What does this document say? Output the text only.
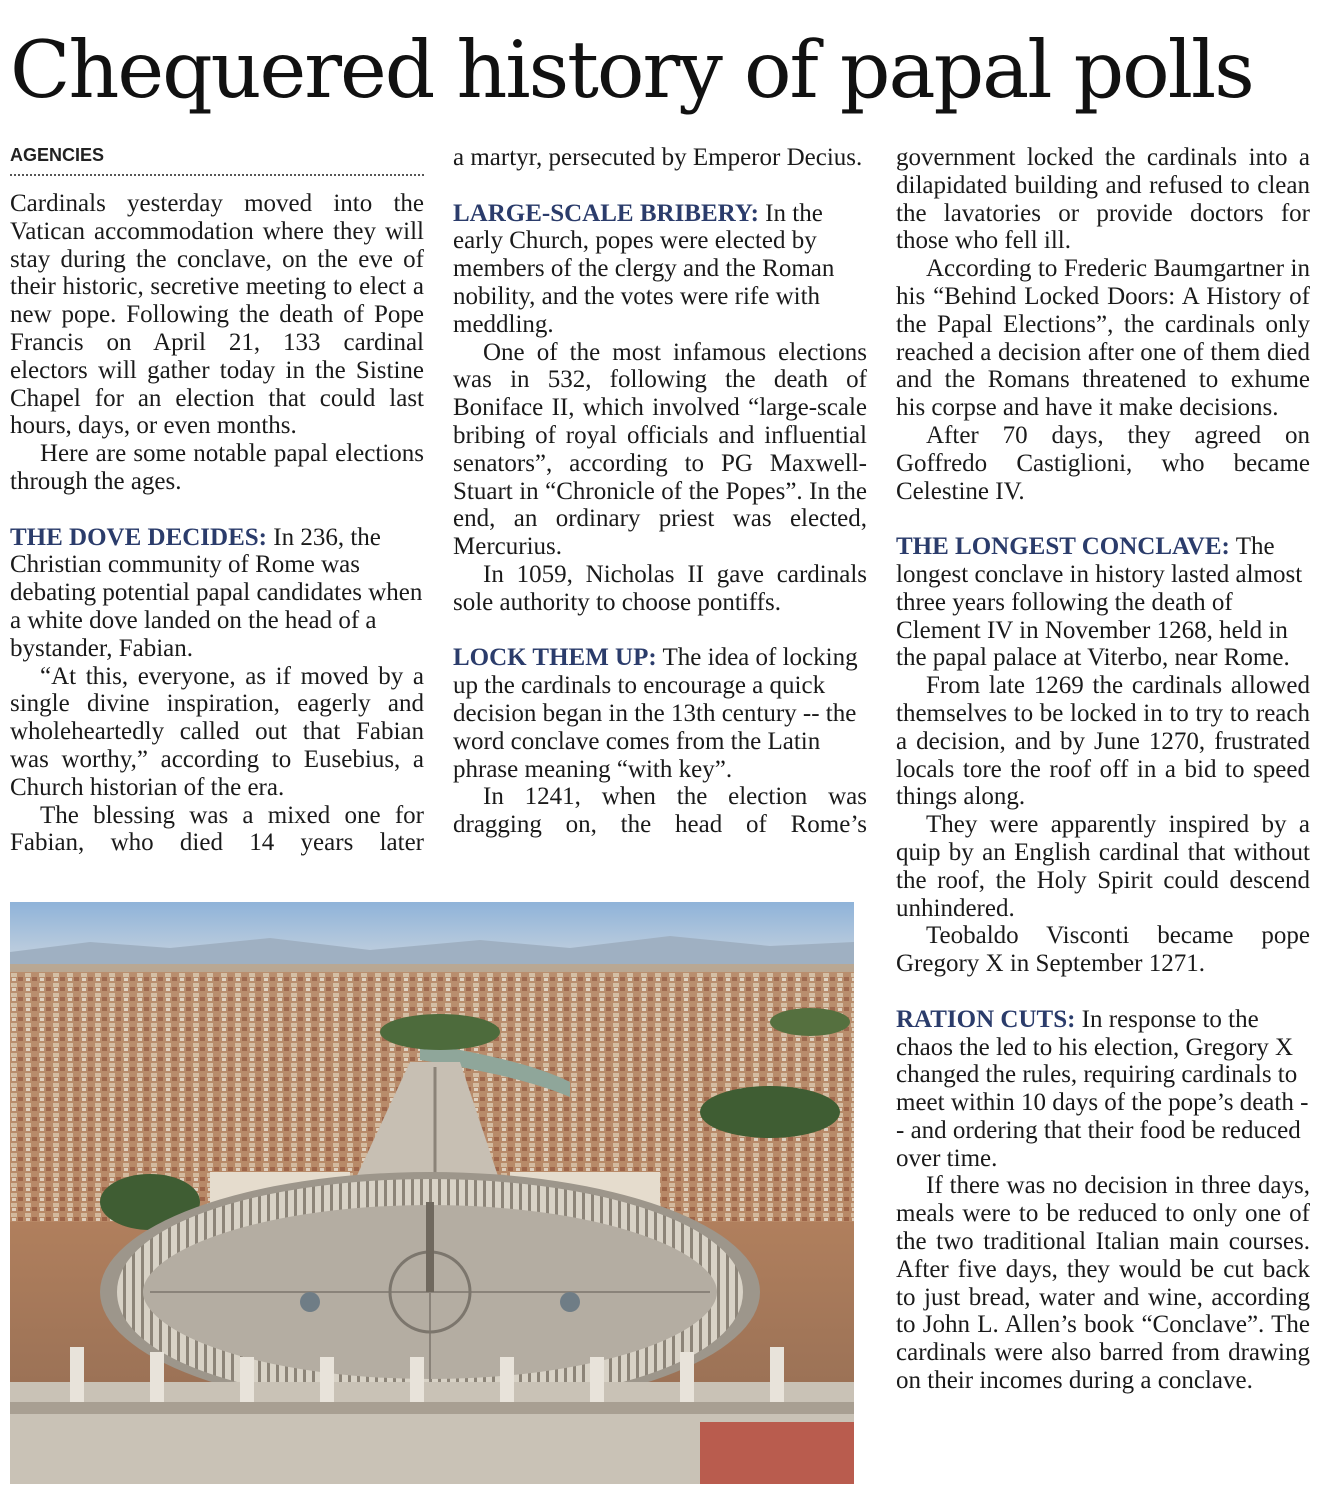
Chequered history of papal polls
AGENCIES

Cardinals yesterday moved into the Vatican accommodation where they will stay during the conclave, on the eve of their historic, secretive meeting to elect a new pope. Following the death of Pope Francis on April 21, 133 cardinal electors will gather today in the Sistine Chapel for an election that could last hours, days, or even months.

Here are some notable papal elections through the ages.

THE DOVE DECIDES: In 236, the Christian community of Rome was debating potential papal candidates when a white dove landed on the head of a bystander, Fabian.

“At this, everyone, as if moved by a single divine inspiration, eagerly and wholeheartedly called out that Fabian was worthy,” according to Eusebius, a Church historian of the era.

The blessing was a mixed one for Fabian, who died 14 years later

a martyr, persecuted by Emperor Decius.

LARGE-SCALE BRIBERY: In the early Church, popes were elected by members of the clergy and the Roman nobility, and the votes were rife with meddling.

One of the most infamous elections was in 532, following the death of Boniface II, which involved “large-scale bribing of royal officials and influential senators”, according to PG Maxwell-Stuart in “Chronicle of the Popes”. In the end, an ordinary priest was elected, Mercurius.

In 1059, Nicholas II gave cardinals sole authority to choose pontiffs.

LOCK THEM UP: The idea of locking up the cardinals to encourage a quick decision began in the 13th century -- the word conclave comes from the Latin phrase meaning “with key”.

In 1241, when the election was dragging on, the head of Rome’s

government locked the cardinals into a dilapidated building and refused to clean the lavatories or provide doctors for those who fell ill.

According to Frederic Baumgartner in his “Behind Locked Doors: A History of the Papal Elections”, the cardinals only reached a decision after one of them died and the Romans threatened to exhume his corpse and have it make decisions.

After 70 days, they agreed on Goffredo Castiglioni, who became Celestine IV.

THE LONGEST CONCLAVE: The longest conclave in history lasted almost three years following the death of Clement IV in November 1268, held in the papal palace at Viterbo, near Rome.

From late 1269 the cardinals allowed themselves to be locked in to try to reach a decision, and by June 1270, frustrated locals tore the roof off in a bid to speed things along.

They were apparently inspired by a quip by an English cardinal that without the roof, the Holy Spirit could descend unhindered.

Teobaldo Visconti became pope Gregory X in September 1271.

RATION CUTS: In response to the chaos the led to his election, Gregory X changed the rules, requiring cardinals to meet within 10 days of the pope’s death -- and ordering that their food be reduced over time.

If there was no decision in three days, meals were to be reduced to only one of the two traditional Italian main courses. After five days, they would be cut back to just bread, water and wine, according to John L. Allen’s book “Conclave”. The cardinals were also barred from drawing on their incomes during a conclave.
